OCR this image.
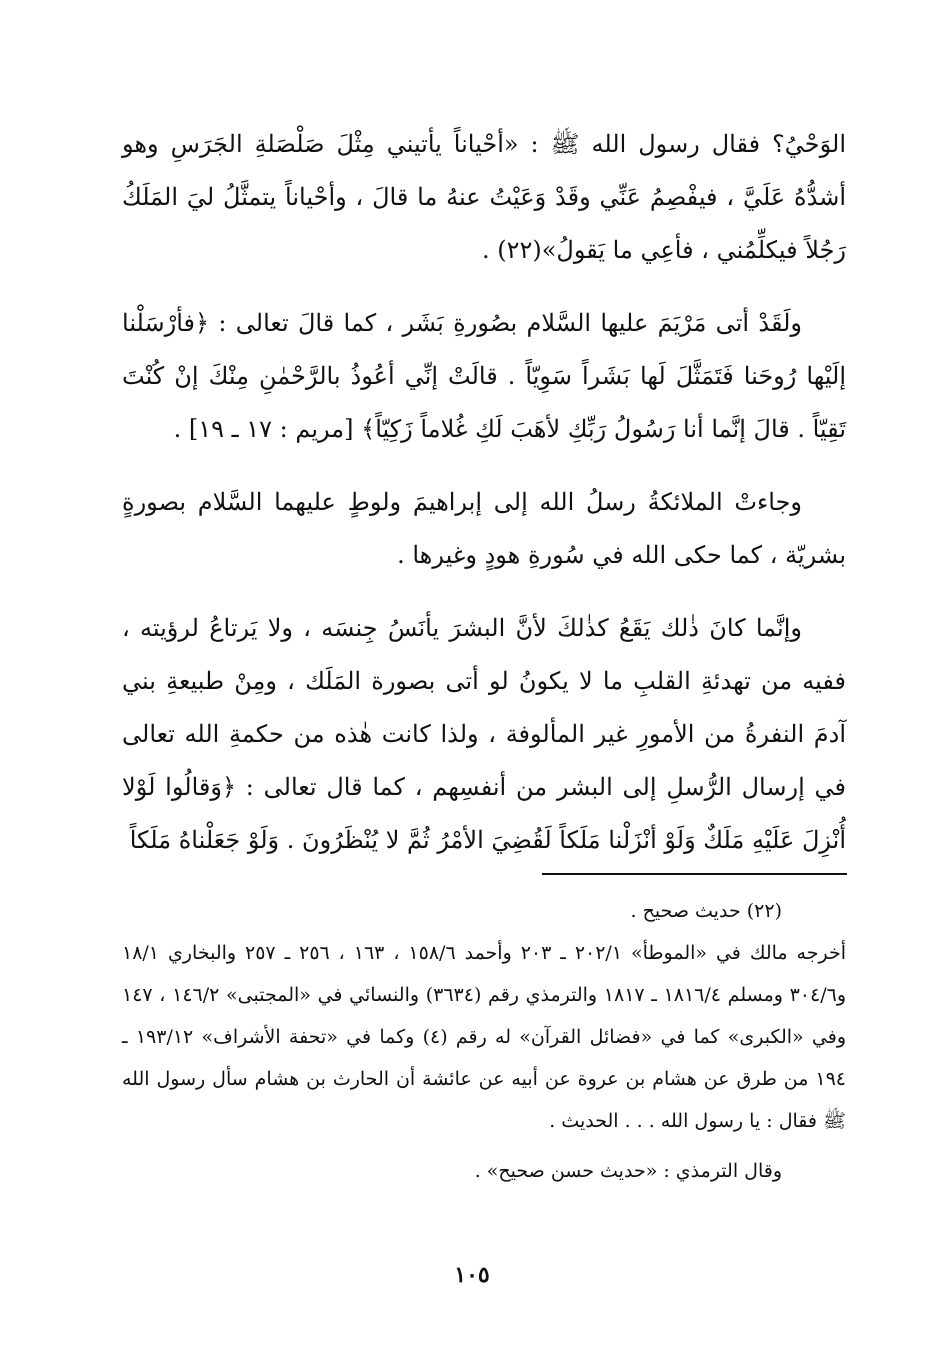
الوَحْيُ؟ فقال رسول الله ﷺ : «أحْياناً يأتيني مِثْلَ صَلْصَلةِ الجَرَسِ وهو أشدُّهُ عَلَيَّ ، فيفْصِمُ عَنِّي وقَدْ وَعَيْتُ عنهُ ما قالَ ، وأحْياناً يتمثَّلُ ليَ المَلَكُ رَجُلاً فيكلِّمُني ، فأعِي ما يَقولُ»(٢٢) .

ولَقَدْ أتى مَرْيَمَ عليها السَّلام بصُورةِ بَشَر ، كما قالَ تعالى : ﴿فأرْسَلْنا إلَيْها رُوحَنا فَتَمَثَّلَ لَها بَشَراً سَوِيّاً . قالَتْ إنِّي أعُوذُ بالرَّحْمٰنِ مِنْكَ إنْ كُنْتَ تَقِيّاً . قالَ إنَّما أنا رَسُولُ رَبِّكِ لأهَبَ لَكِ غُلاماً زَكِيّاً﴾ [مريم : ١٧ ـ ١٩] .

وجاءتْ الملائكةُ رسلُ الله إلى إبراهيمَ ولوطٍ عليهما السَّلام بصورةٍ بشريّة ، كما حكى الله في سُورةِ هودٍ وغيرها .

وإنَّما كانَ ذٰلك يَقَعُ كذٰلكَ لأنَّ البشرَ يأنَسُ جِنسَه ، ولا يَرتاعُ لرؤيته ، ففيه من تهدئةِ القلبِ ما لا يكونُ لو أتى بصورة المَلَك ، ومِنْ طبيعةِ بني آدمَ النفرةُ من الأمورِ غير المألوفة ، ولذا كانت هٰذه من حكمةِ الله تعالى في إرسال الرُّسلِ إلى البشر من أنفسِهم ، كما قال تعالى : ﴿وَقالُوا لَوْلا أُنْزِلَ عَلَيْهِ مَلَكٌ وَلَوْ أنْزَلْنا مَلَكاً لَقُضِيَ الأمْرُ ثُمَّ لا يُنْظَرُونَ . وَلَوْ جَعَلْناهُ مَلَكاً

(٢٢) حديث صحيح .

أخرجه مالك في «الموطأ» ٢٠٢/١ ـ ٢٠٣ وأحمد ١٥٨/٦ ، ١٦٣ ، ٢٥٦ ـ ٢٥٧ والبخاري ١٨/١ و٣٠٤/٦ ومسلم ١٨١٦/٤ ـ ١٨١٧ والترمذي رقم (٣٦٣٤) والنسائي في «المجتبى» ١٤٦/٢ ، ١٤٧ وفي «الكبرى» كما في «فضائل القرآن» له رقم (٤) وكما في «تحفة الأشراف» ١٩٣/١٢ ـ ١٩٤ من طرق عن هشام بن عروة عن أبيه عن عائشة أن الحارث بن هشام سأل رسول الله ﷺ فقال : يا رسول الله . . . الحديث .

وقال الترمذي : «حديث حسن صحيح» .

١٠٥
